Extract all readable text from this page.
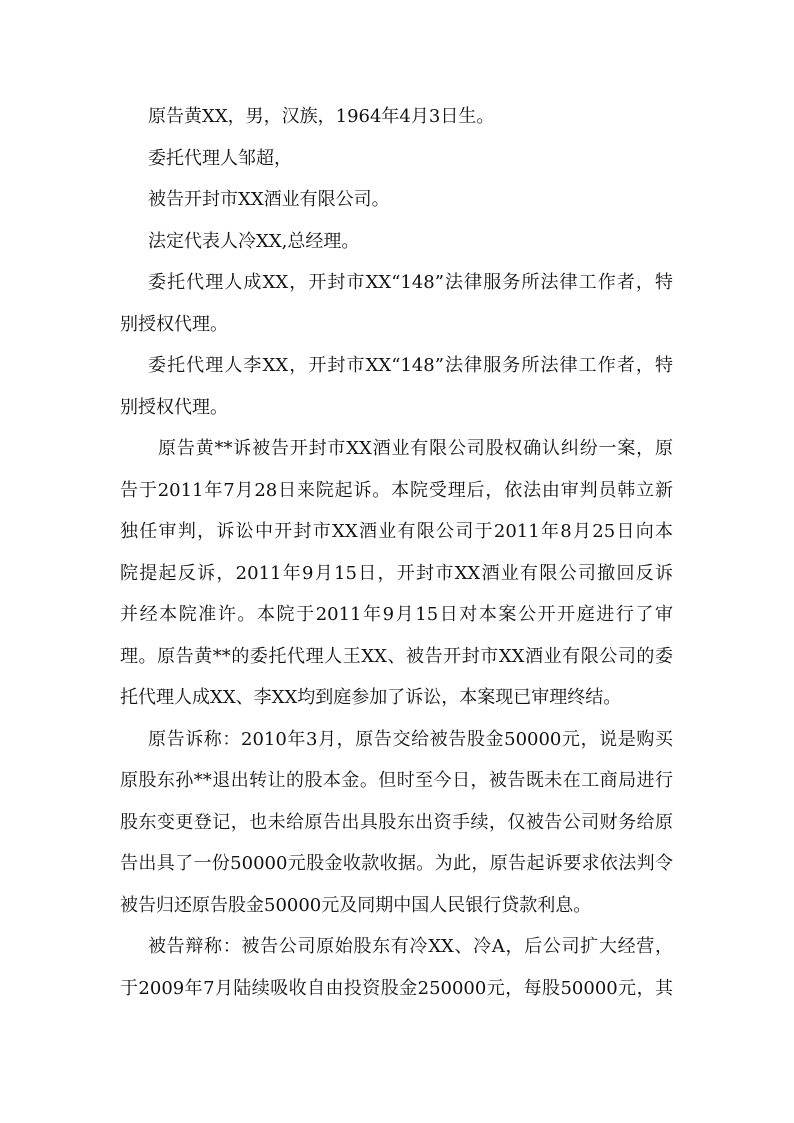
原告黄XX，男，汉族，1964年4月3日生。
委托代理人邹超，
被告开封市XX酒业有限公司。
法定代表人冷XX,总经理。
委托代理人成XX，开封市XX“148”法律服务所法律工作者，特
别授权代理。
委托代理人李XX，开封市XX“148”法律服务所法律工作者，特
别授权代理。
原告黄**诉被告开封市XX酒业有限公司股权确认纠纷一案，原
告于2011年7月28日来院起诉。本院受理后，依法由审判员韩立新
独任审判，诉讼中开封市XX酒业有限公司于2011年8月25日向本
院提起反诉，2011年9月15日，开封市XX酒业有限公司撤回反诉
并经本院准许。本院于2011年9月15日对本案公开开庭进行了审
理。原告黄**的委托代理人王XX、被告开封市XX酒业有限公司的委
托代理人成XX、李XX均到庭参加了诉讼，本案现已审理终结。
原告诉称：2010年3月，原告交给被告股金50000元，说是购买
原股东孙**退出转让的股本金。但时至今日，被告既未在工商局进行
股东变更登记，也未给原告出具股东出资手续，仅被告公司财务给原
告出具了一份50000元股金收款收据。为此，原告起诉要求依法判令
被告归还原告股金50000元及同期中国人民银行贷款利息。
被告辩称：被告公司原始股东有冷XX、冷A，后公司扩大经营，
于2009年7月陆续吸收自由投资股金250000元，每股50000元，其
